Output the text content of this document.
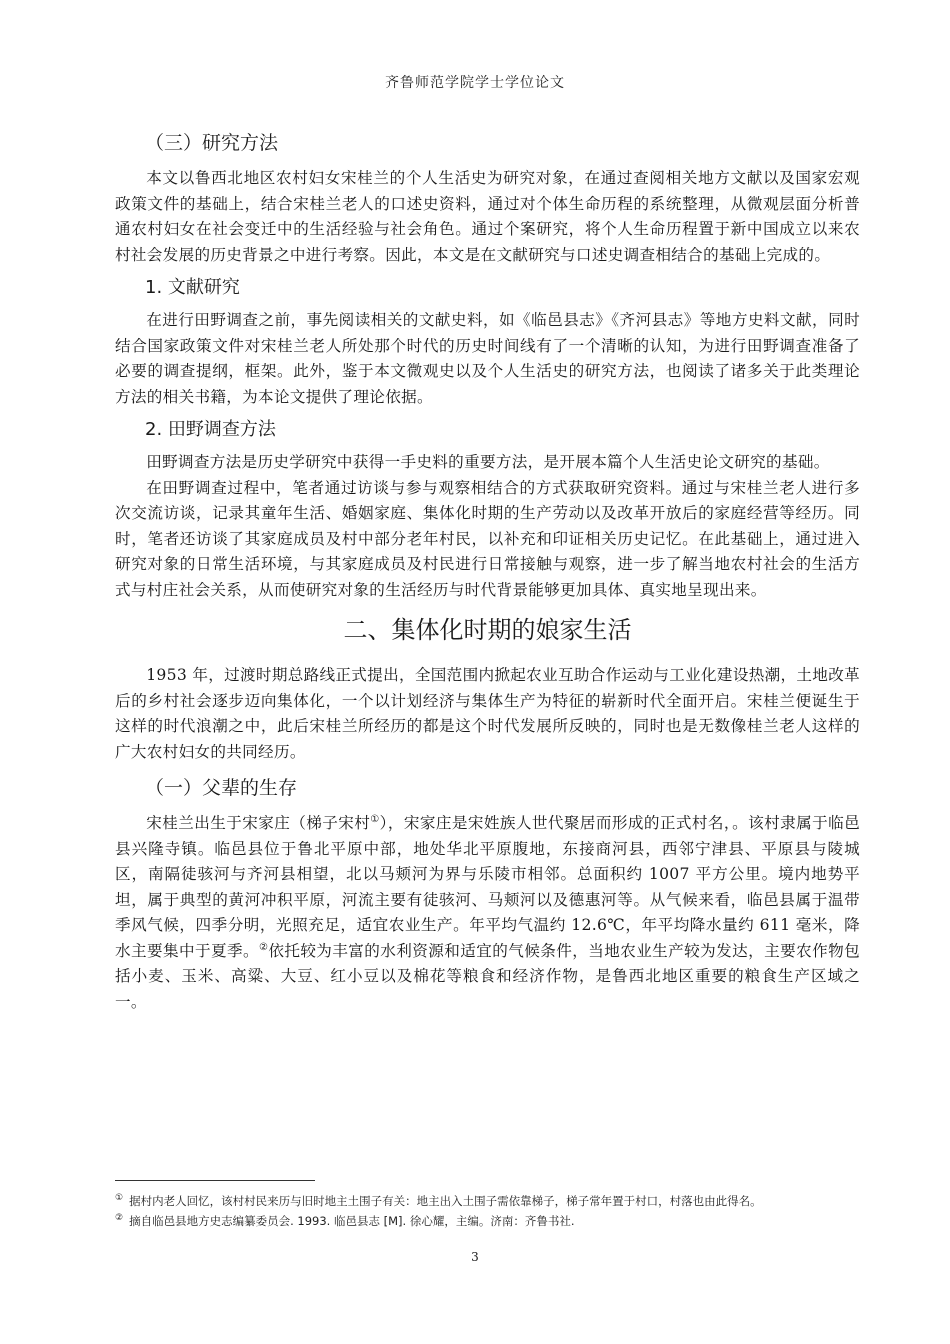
齐鲁师范学院学士学位论文
（三）研究方法

本文以鲁西北地区农村妇女宋桂兰的个人生活史为研究对象，在通过查阅相关地方文献以及国家宏观政策文件的基础上，结合宋桂兰老人的口述史资料，通过对个体生命历程的系统整理，从微观层面分析普通农村妇女在社会变迁中的生活经验与社会角色。通过个案研究，将个人生命历程置于新中国成立以来农村社会发展的历史背景之中进行考察。因此，本文是在文献研究与口述史调查相结合的基础上完成的。

1. 文献研究

在进行田野调查之前，事先阅读相关的文献史料，如《临邑县志》《齐河县志》等地方史料文献，同时结合国家政策文件对宋桂兰老人所处那个时代的历史时间线有了一个清晰的认知，为进行田野调查准备了必要的调查提纲，框架。此外，鉴于本文微观史以及个人生活史的研究方法，也阅读了诸多关于此类理论方法的相关书籍，为本论文提供了理论依据。

2. 田野调查方法

田野调查方法是历史学研究中获得一手史料的重要方法，是开展本篇个人生活史论文研究的基础。

在田野调查过程中，笔者通过访谈与参与观察相结合的方式获取研究资料。通过与宋桂兰老人进行多次交流访谈，记录其童年生活、婚姻家庭、集体化时期的生产劳动以及改革开放后的家庭经营等经历。同时，笔者还访谈了其家庭成员及村中部分老年村民，以补充和印证相关历史记忆。在此基础上，通过进入研究对象的日常生活环境，与其家庭成员及村民进行日常接触与观察，进一步了解当地农村社会的生活方式与村庄社会关系，从而使研究对象的生活经历与时代背景能够更加具体、真实地呈现出来。

二、集体化时期的娘家生活

1953 年，过渡时期总路线正式提出，全国范围内掀起农业互助合作运动与工业化建设热潮，土地改革后的乡村社会逐步迈向集体化，一个以计划经济与集体生产为特征的崭新时代全面开启。宋桂兰便诞生于这样的时代浪潮之中，此后宋桂兰所经历的都是这个时代发展所反映的，同时也是无数像桂兰老人这样的广大农村妇女的共同经历。

（一）父辈的生存

宋桂兰出生于宋家庄（梯子宋村①），宋家庄是宋姓族人世代聚居而形成的正式村名，。该村隶属于临邑县兴隆寺镇。临邑县位于鲁北平原中部，地处华北平原腹地，东接商河县，西邻宁津县、平原县与陵城区，南隔徒骇河与齐河县相望，北以马颊河为界与乐陵市相邻。总面积约 1007 平方公里。境内地势平坦，属于典型的黄河冲积平原，河流主要有徒骇河、马颊河以及德惠河等。从气候来看，临邑县属于温带季风气候，四季分明，光照充足，适宜农业生产。年平均气温约 12.6℃，年平均降水量约 611 毫米，降水主要集中于夏季。②依托较为丰富的水利资源和适宜的气候条件，当地农业生产较为发达，主要农作物包括小麦、玉米、高粱、大豆、红小豆以及棉花等粮食和经济作物，是鲁西北地区重要的粮食生产区域之一。

① 据村内老人回忆，该村村民来历与旧时地主土围子有关：地主出入土围子需依靠梯子，梯子常年置于村口，村落也由此得名。
② 摘自临邑县地方史志编纂委员会. 1993. 临邑县志 [M]. 徐心耀，主编。济南：齐鲁书社.
3
